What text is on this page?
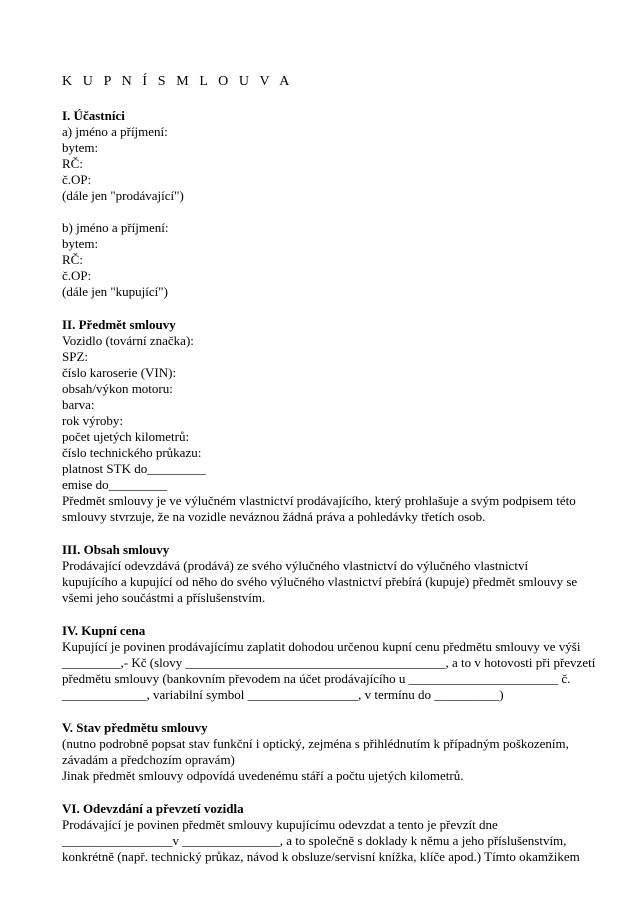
K U P N Í S M L O U V A
I. Účastníci
a) jméno a příjmení:
bytem:
RČ:
č.OP:
(dále jen "prodávající")
b) jméno a příjmení:
bytem:
RČ:
č.OP:
(dále jen "kupující")
II. Předmět smlouvy
Vozidlo (tovární značka):
SPZ:
číslo karoserie (VIN):
obsah/výkon motoru:
barva:
rok výroby:
počet ujetých kilometrů:
číslo technického průkazu:
platnost STK do_________
emise do_________
Předmět smlouvy je ve výlučném vlastnictví prodávajícího, který prohlašuje a svým podpisem této
smlouvy stvrzuje, že na vozidle neváznou žádná práva a pohledávky třetích osob.
III. Obsah smlouvy
Prodávající odevzdává (prodává) ze svého výlučného vlastnictví do výlučného vlastnictví
kupujícího a kupující od něho do svého výlučného vlastnictví přebírá (kupuje) předmět smlouvy se
všemi jeho součástmi a příslušenstvím.
IV. Kupní cena
Kupující je povinen prodávajícímu zaplatit dohodou určenou kupní cenu předmětu smlouvy ve výši
_________,- Kč (slovy ________________________________________, a to v hotovosti při převzetí
předmětu smlouvy (bankovním převodem na účet prodávajícího u _______________________ č.
_____________, variabilní symbol _________________, v termínu do __________)
V. Stav předmětu smlouvy
(nutno podrobně popsat stav funkční i optický, zejména s přihlédnutím k případným poškozením,
závadám a předchozím opravám)
Jinak předmět smlouvy odpovídá uvedenému stáří a počtu ujetých kilometrů.
VI. Odevzdání a převzetí vozidla
Prodávající je povinen předmět smlouvy kupujícímu odevzdat a tento je převzít dne
_________________v _______________, a to společně s doklady k němu a jeho příslušenstvím,
konkrétně (např. technický průkaz, návod k obsluze/servisní knížka, klíče apod.) Tímto okamžikem
